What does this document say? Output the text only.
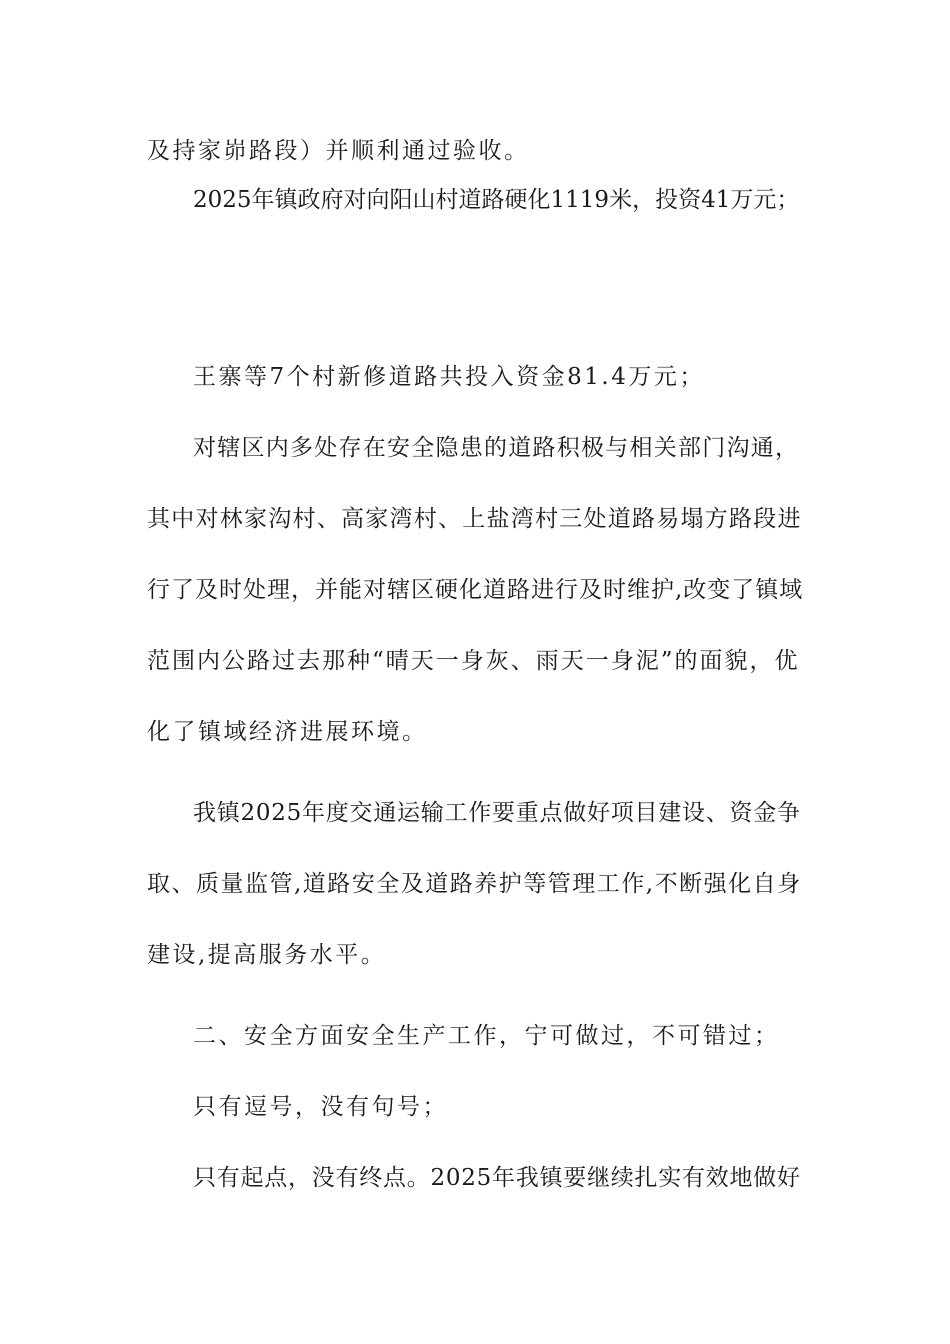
及持家峁路段）并顺利通过验收。

2025年镇政府对向阳山村道路硬化1119米，投资41万元；

王寨等7个村新修道路共投入资金81.4万元；

对辖区内多处存在安全隐患的道路积极与相关部门沟通，

其中对林家沟村、高家湾村、上盐湾村三处道路易塌方路段进

行了及时处理，并能对辖区硬化道路进行及时维护,改变了镇域

范围内公路过去那种“晴天一身灰、雨天一身泥”的面貌，优

化了镇域经济进展环境。

我镇2025年度交通运输工作要重点做好项目建设、资金争

取、质量监管,道路安全及道路养护等管理工作,不断强化自身

建设,提高服务水平。

二、安全方面安全生产工作，宁可做过，不可错过；

只有逗号，没有句号；

只有起点，没有终点。2025年我镇要继续扎实有效地做好
